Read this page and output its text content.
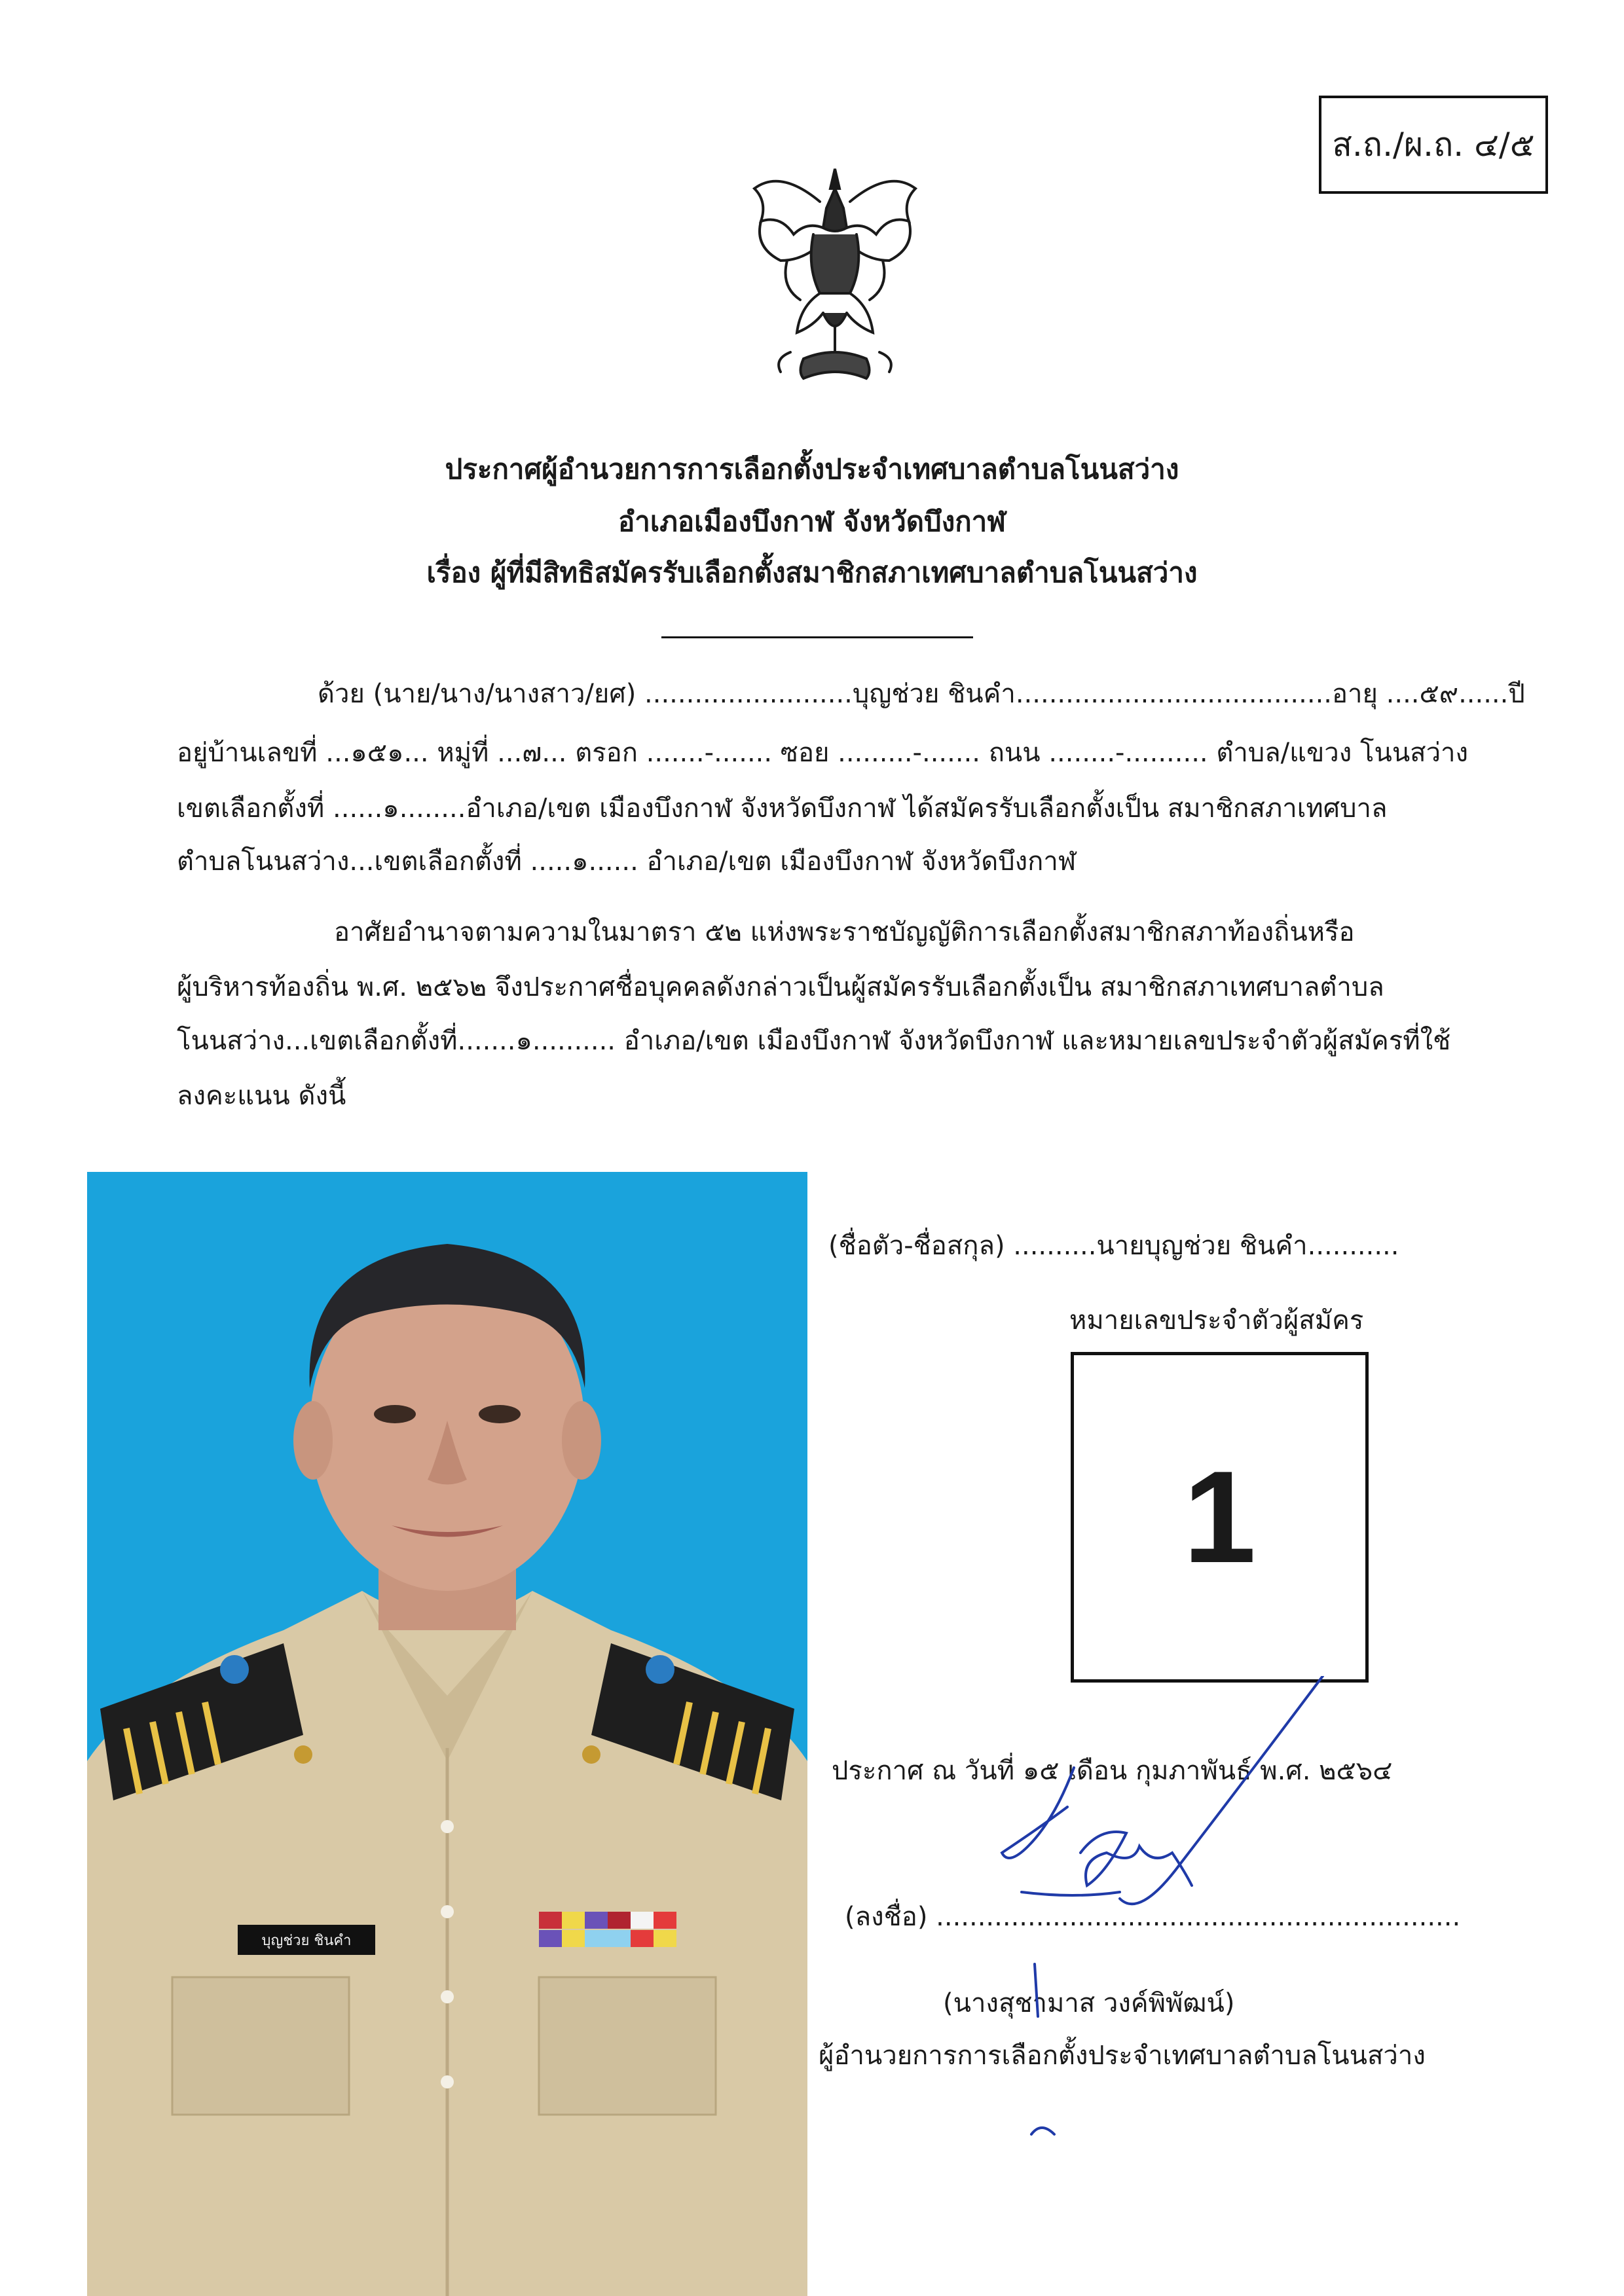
ส.ถ./ผ.ถ. ๔/๕
ประกาศผู้อำนวยการการเลือกตั้งประจำเทศบาลตำบลโนนสว่าง
อำเภอเมืองบึงกาฬ จังหวัดบึงกาฬ
เรื่อง ผู้ที่มีสิทธิสมัครรับเลือกตั้งสมาชิกสภาเทศบาลตำบลโนนสว่าง
ด้วย (นาย/นาง/นางสาว/ยศ) .........................บุญช่วย ชินคำ......................................อายุ ....๕๙......ปี
อยู่บ้านเลขที่ ...๑๕๑... หมู่ที่ ...๗... ตรอก .......-....... ซอย .........-....... ถนน ........-.......... ตำบล/แขวง โนนสว่าง
เขตเลือกตั้งที่ ......๑........อำเภอ/เขต เมืองบึงกาฬ จังหวัดบึงกาฬ ได้สมัครรับเลือกตั้งเป็น สมาชิกสภาเทศบาล
ตำบลโนนสว่าง...เขตเลือกตั้งที่ .....๑...... อำเภอ/เขต เมืองบึงกาฬ จังหวัดบึงกาฬ
อาศัยอำนาจตามความในมาตรา ๕๒ แห่งพระราชบัญญัติการเลือกตั้งสมาชิกสภาท้องถิ่นหรือ
ผู้บริหารท้องถิ่น พ.ศ. ๒๕๖๒ จึงประกาศชื่อบุคคลดังกล่าวเป็นผู้สมัครรับเลือกตั้งเป็น สมาชิกสภาเทศบาลตำบล
โนนสว่าง...เขตเลือกตั้งที่.......๑.......... อำเภอ/เขต เมืองบึงกาฬ จังหวัดบึงกาฬ และหมายเลขประจำตัวผู้สมัครที่ใช้
ลงคะแนน ดังนี้
บุญช่วย ชินคำ
(ชื่อตัว-ชื่อสกุล) ..........นายบุญช่วย ชินคำ...........
หมายเลขประจำตัวผู้สมัคร
1
ประกาศ ณ วันที่ ๑๕ เดือน กุมภาพันธ์ พ.ศ. ๒๕๖๔
(ลงชื่อ) ...............................................................
(นางสุชามาส วงค์พิพัฒน์)
ผู้อำนวยการการเลือกตั้งประจำเทศบาลตำบลโนนสว่าง
